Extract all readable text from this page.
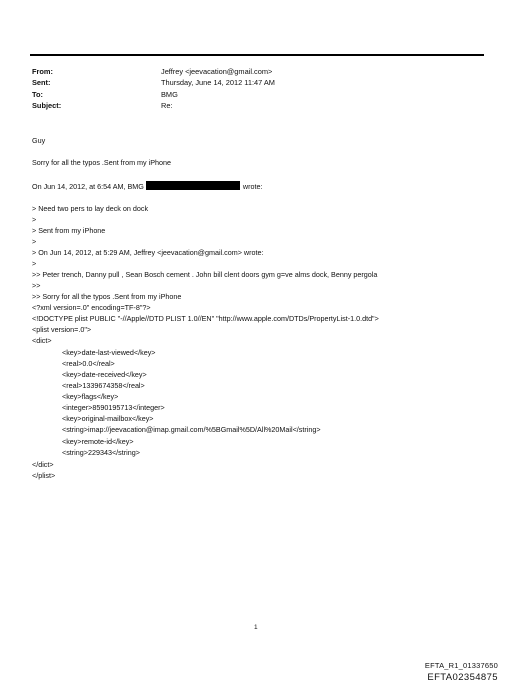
From:	Jeffrey <jeevacation@gmail.com>
Sent:	Thursday, June 14, 2012 11:47 AM
To:	BMG
Subject:	Re:
Guy
Sorry for all the typos .Sent from my iPhone
On Jun 14, 2012, at 6:54 AM, BMG	wrote:
> Need two pers to lay deck on dock
>
> Sent from my iPhone
>
> On Jun 14, 2012, at 5:29 AM, Jeffrey <jeevacation@gmail.com> wrote:
>
>> Peter trench, Danny pull , Sean Bosch cement . John bill clent doors gym g=ve alms dock, Benny pergola
>>
>> Sorry for all the typos .Sent from my iPhone
<?xml version=.0" encoding=TF-8"?>
<!DOCTYPE plist PUBLIC "-//Apple//DTD PLIST 1.0//EN" "http://www.apple.com/DTDs/PropertyList-1.0.dtd">
<plist version=.0">
<dict>
<key>date-last-viewed</key>
<real>0.0</real>
<key>date-received</key>
<real>1339674358</real>
<key>flags</key>
<integer>8590195713</integer>
<key>original-mailbox</key>
<string>imap://jeevacation@imap.gmail.com/%5BGmail%5D/All%20Mail</string>
<key>remote-id</key>
<string>229343</string>
</dict>
</plist>
1
EFTA_R1_01337650
EFTA02354875
